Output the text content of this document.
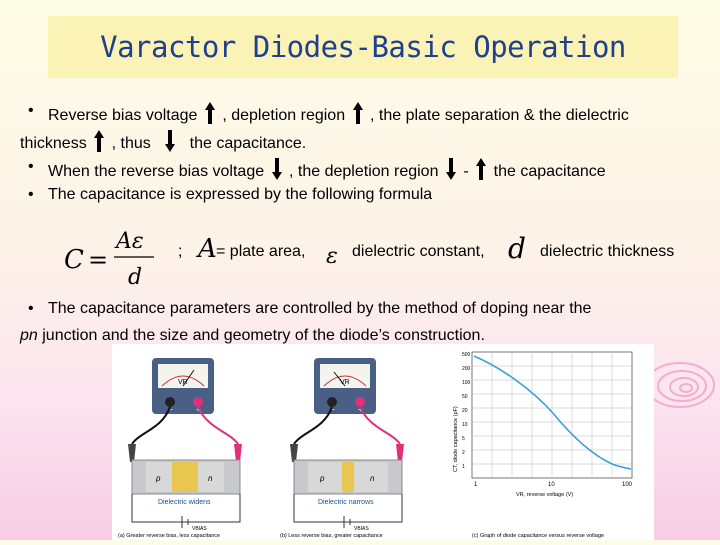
Varactor Diodes-Basic Operation
• Reverse bias voltage , depletion region , the plate separation & the dielectric
thickness , thus the capacitance.
• When the reverse bias voltage , the depletion region - the capacitance
• The capacitance is expressed by the following formula
C =
Aε
d
; A = plate area, ε dielectric constant, d dielectric thickness
• The capacitance parameters are controlled by the method of doping near the
pn junction and the size and geometry of the diode’s construction.
VR
−	+
p	n
Dielectric widens
VBIAS
(a) Greater reverse bias, less capacitance
VR
−	+
p	n
Dielectric narrows
VBIAS
(b) Less reverse bias, greater capacitance
1	10	100
500
200
100
50
20
10
5
2
1
VR, reverse voltage (V)
CT, diode capacitance (pF)
(c) Graph of diode capacitance versus reverse voltage
